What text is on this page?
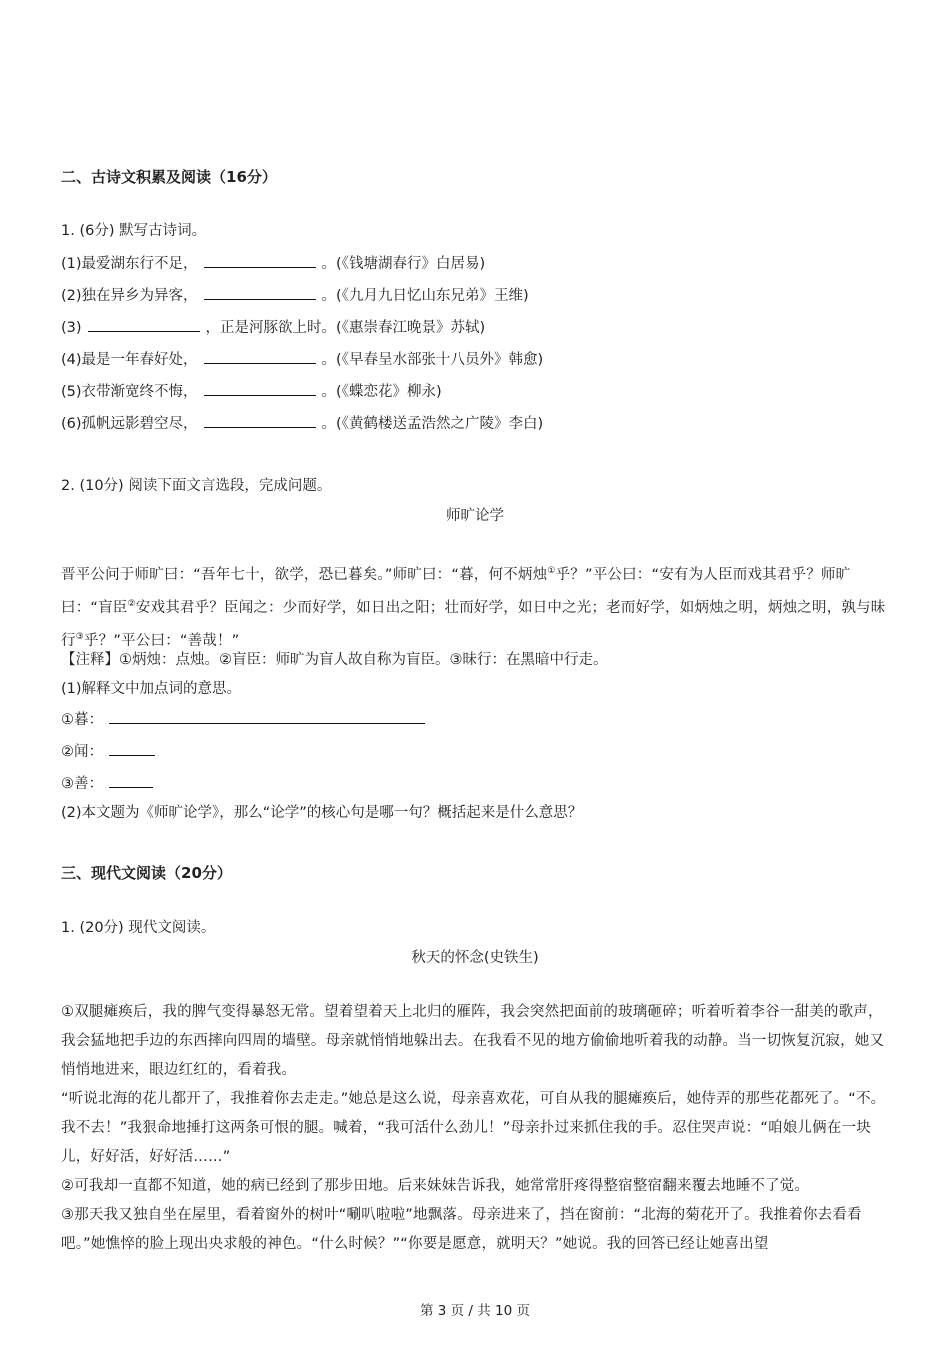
二、古诗文积累及阅读（16分）
1. (6分) 默写古诗词。
(1)最爱湖东行不足，	。(《钱塘湖春行》白居易)
(2)独在异乡为异客，	。(《九月九日忆山东兄弟》王维)
(3)	，正是河豚欲上时。(《惠崇春江晚景》苏轼)
(4)最是一年春好处，	。(《早春呈水部张十八员外》韩愈)
(5)衣带渐宽终不悔，	。(《蝶恋花》柳永)
(6)孤帆远影碧空尽，	。(《黄鹤楼送孟浩然之广陵》李白)
2. (10分) 阅读下面文言选段，完成问题。
师旷论学
晋平公问于师旷曰：“吾年七十，欲学，恐已暮矣。”师旷曰：“暮，何不炳烛①乎？”平公曰：“安有为人臣而戏其君乎？师旷曰：“盲臣②安戏其君乎？臣闻之：少而好学，如日出之阳；壮而好学，如日中之光；老而好学，如炳烛之明，炳烛之明，孰与昧行③乎？”平公曰：“善哉！”
【注释】①炳烛：点烛。②盲臣：师旷为盲人故自称为盲臣。③昧行：在黑暗中行走。
(1)解释文中加点词的意思。
①暮：
②闻：
③善：
(2)本文题为《师旷论学》，那么“论学”的核心句是哪一句？概括起来是什么意思？
三、现代文阅读（20分）
1. (20分) 现代文阅读。
秋天的怀念(史铁生)
①双腿瘫痪后，我的脾气变得暴怒无常。望着望着天上北归的雁阵，我会突然把面前的玻璃砸碎；听着听着李谷一甜美的歌声，我会猛地把手边的东西摔向四周的墙壁。母亲就悄悄地躲出去。在我看不见的地方偷偷地听着我的动静。当一切恢复沉寂，她又悄悄地进来，眼边红红的，看着我。
“听说北海的花儿都开了，我推着你去走走。”她总是这么说，母亲喜欢花，可自从我的腿瘫痪后，她侍弄的那些花都死了。“不。我不去！”我狠命地捶打这两条可恨的腿。喊着，“我可活什么劲儿！”母亲扑过来抓住我的手。忍住哭声说：“咱娘儿俩在一块儿，好好活，好好活……”
②可我却一直都不知道，她的病已经到了那步田地。后来妹妹告诉我，她常常肝疼得整宿整宿翻来覆去地睡不了觉。
③那天我又独自坐在屋里，看着窗外的树叶“唰叭啦啦”地飘落。母亲进来了，挡在窗前：“北海的菊花开了。我推着你去看看吧。”她憔悴的脸上现出央求般的神色。“什么时候？”“你要是愿意，就明天？”她说。我的回答已经让她喜出望
第 3 页 / 共 10 页
